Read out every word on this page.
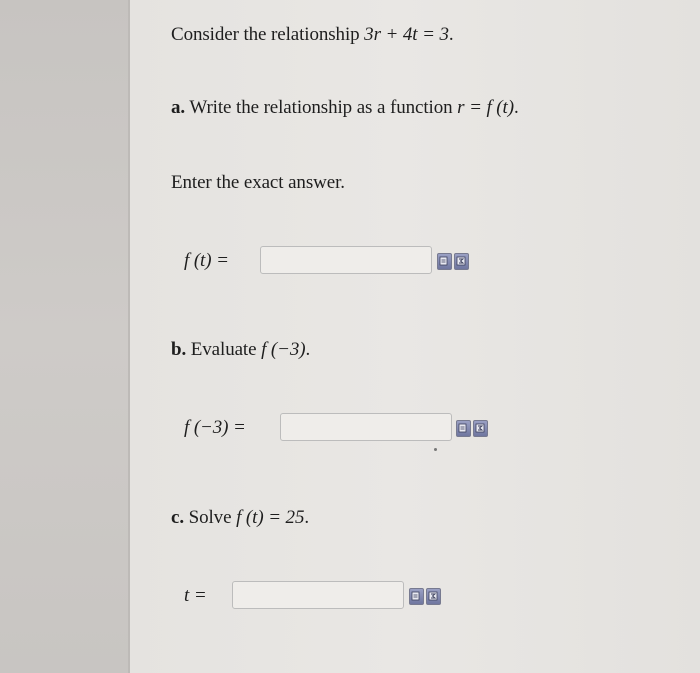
Consider the relationship 3r + 4t = 3.
a. Write the relationship as a function r = f (t).
Enter the exact answer.
f (t) =
b. Evaluate f (−3).
f (−3) =
c. Solve f (t) = 25.
t =
